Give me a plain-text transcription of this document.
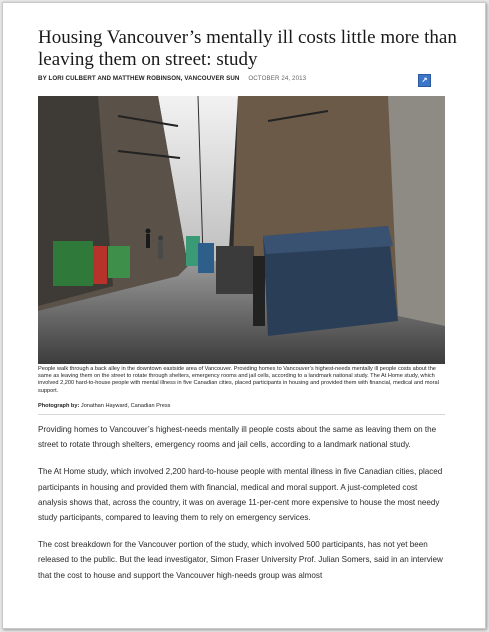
Housing Vancouver’s mentally ill costs little more than leaving them on street: study
BY LORI CULBERT AND MATTHEW ROBINSON, VANCOUVER SUN OCTOBER 24, 2013	↗
People walk through a back alley in the downtown eastside area of Vancouver. Providing homes to Vancouver’s highest-needs mentally ill people costs about the same as leaving them on the street to rotate through shelters, emergency rooms and jail cells, according to a landmark national study. The At Home study, which involved 2,200 hard-to-house people with mental illness in five Canadian cities, placed participants in housing and provided them with financial, medical and moral support.
Photograph by: Jonathan Hayward, Canadian Press

Providing homes to Vancouver’s highest-needs mentally ill people costs about the same as leaving them on the street to rotate through shelters, emergency rooms and jail cells, according to a landmark national study.

The At Home study, which involved 2,200 hard-to-house people with mental illness in five Canadian cities, placed participants in housing and provided them with financial, medical and moral support. A just-completed cost analysis shows that, across the country, it was on average 11-per-cent more expensive to house the most needy study participants, compared to leaving them to rely on emergency services.

The cost breakdown for the Vancouver portion of the study, which involved 500 participants, has not yet been released to the public. But the lead investigator, Simon Fraser University Prof. Julian Somers, said in an interview that the cost to house and support the Vancouver high-needs group was almost
